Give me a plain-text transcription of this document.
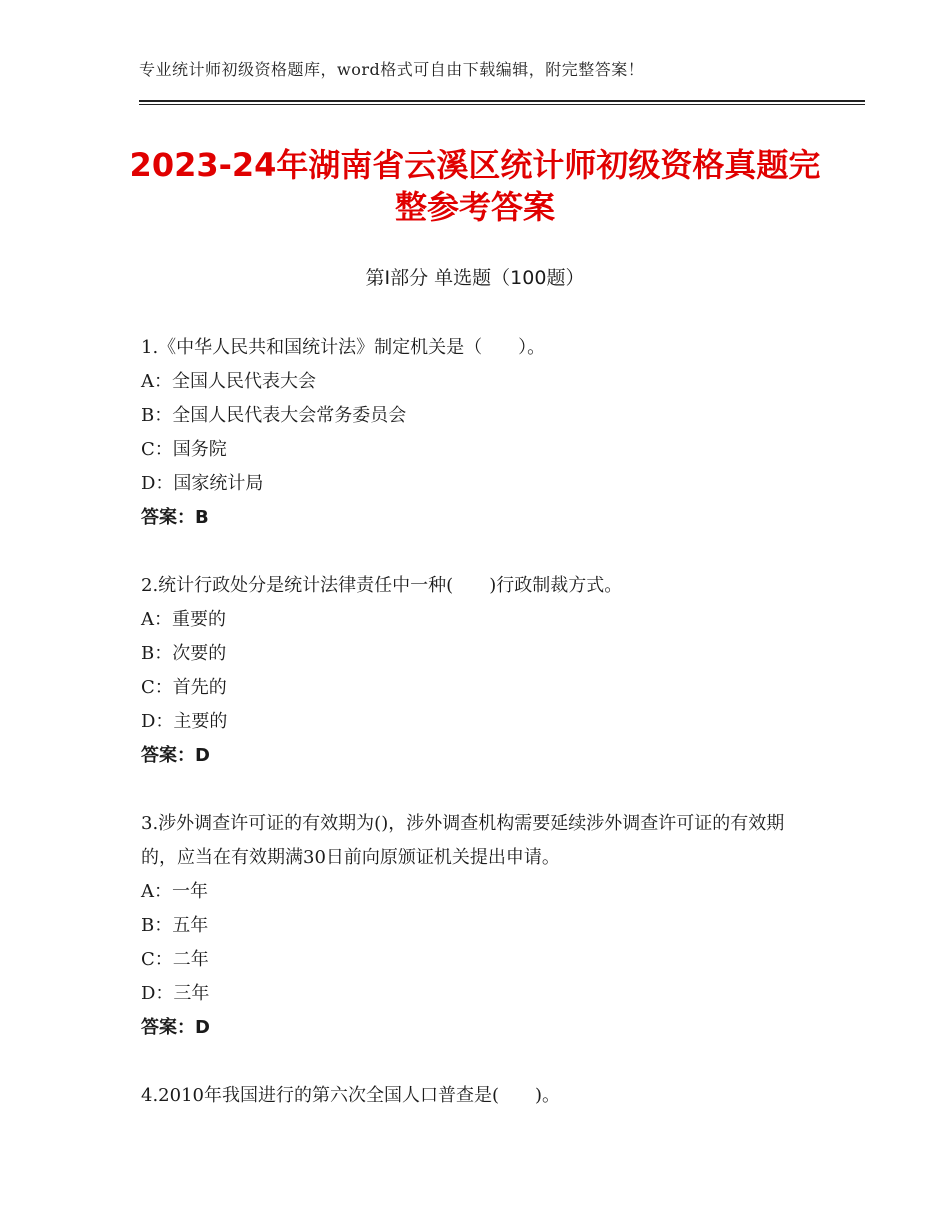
专业统计师初级资格题库，word格式可自由下载编辑，附完整答案！
2023-24年湖南省云溪区统计师初级资格真题完整参考答案
第Ⅰ部分 单选题（100题）

1.《中华人民共和国统计法》制定机关是（　　）。

A：全国人民代表大会

B：全国人民代表大会常务委员会

C：国务院

D：国家统计局

答案：B

2.统计行政处分是统计法律责任中一种(　　)行政制裁方式。

A：重要的

B：次要的

C：首先的

D：主要的

答案：D

3.涉外调查许可证的有效期为()，涉外调查机构需要延续涉外调查许可证的有效期的，应当在有效期满30日前向原颁证机关提出申请。

A：一年

B：五年

C：二年

D：三年

答案：D

4.2010年我国进行的第六次全国人口普查是(　　)。
